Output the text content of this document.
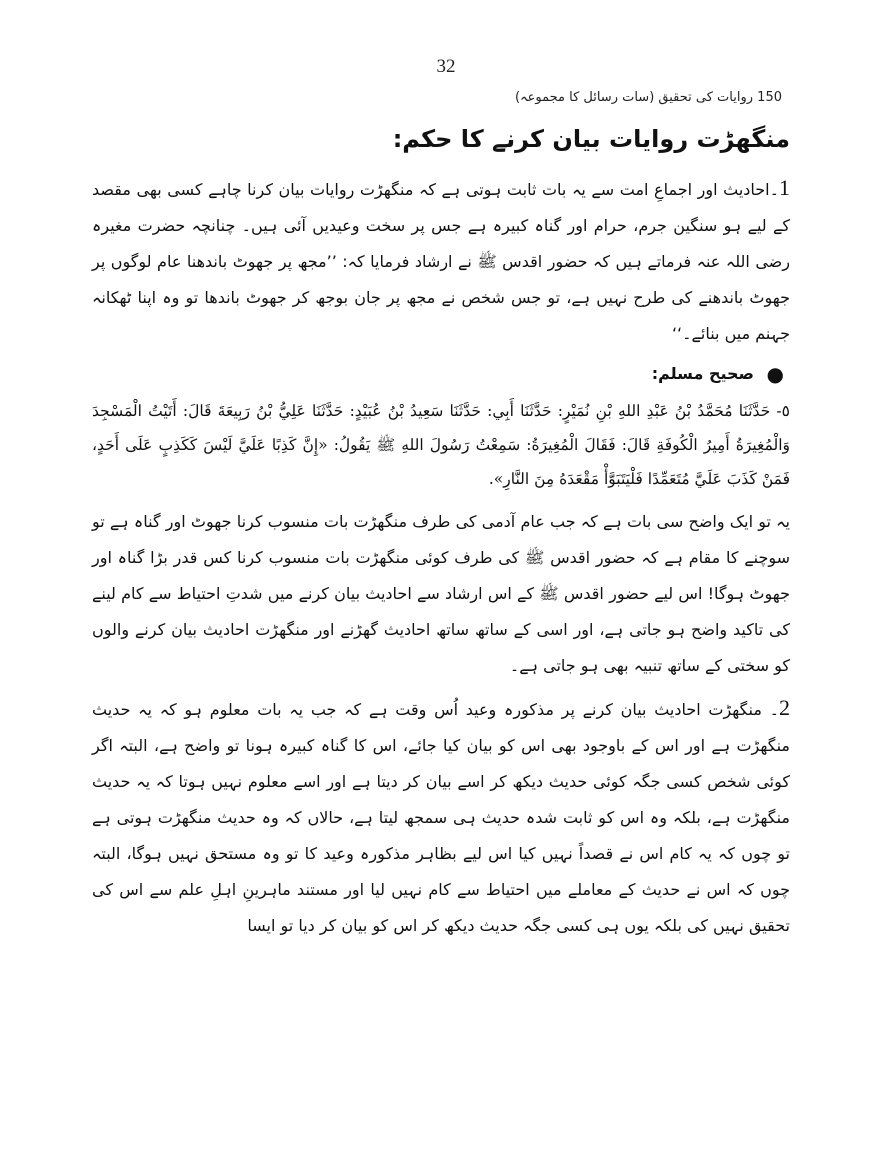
32
150 روایات کی تحقیق (سات رسائل کا مجموعہ)
منگھڑت روایات بیان کرنے کا حکم:

1۔احادیث اور اجماعِ امت سے یہ بات ثابت ہوتی ہے کہ منگھڑت روایات بیان کرنا چاہے کسی بھی مقصد کے لیے ہو سنگین جرم، حرام اور گناہ کبیرہ ہے جس پر سخت وعیدیں آئی ہیں۔ چنانچہ حضرت مغیرہ رضی اللہ عنہ فرماتے ہیں کہ حضور اقدس ﷺ نے ارشاد فرمایا کہ: ’’مجھ پر جھوٹ باندھنا عام لوگوں پر جھوٹ باندھنے کی طرح نہیں ہے، تو جس شخص نے مجھ پر جان بوجھ کر جھوٹ باندھا تو وہ اپنا ٹھکانہ جہنم میں بنائے۔‘‘

●
صحیح مسلم:

٥- حَدَّثَنَا مُحَمَّدُ بْنُ عَبْدِ اللهِ بْنِ نُمَيْرٍ: حَدَّثَنَا أَبِي: حَدَّثَنَا سَعِيدُ بْنُ عُبَيْدٍ: حَدَّثَنَا عَلِيُّ بْنُ رَبِيعَةَ قَالَ: أَتَيْتُ الْمَسْجِدَ وَالْمُغِيرَةُ أَمِيرُ الْكُوفَةِ قَالَ: فَقَالَ الْمُغِيرَةُ: سَمِعْتُ رَسُولَ اللهِ ﷺ يَقُولُ: «إِنَّ كَذِبًا عَلَيَّ لَيْسَ كَكَذِبٍ عَلَى أَحَدٍ، فَمَنْ كَذَبَ عَلَيَّ مُتَعَمِّدًا فَلْيَتَبَوَّأْ مَقْعَدَهُ مِنَ النَّارِ».

یہ تو ایک واضح سی بات ہے کہ جب عام آدمی کی طرف منگھڑت بات منسوب کرنا جھوٹ اور گناہ ہے تو سوچنے کا مقام ہے کہ حضور اقدس ﷺ کی طرف کوئی منگھڑت بات منسوب کرنا کس قدر بڑا گناہ اور جھوٹ ہوگا! اس لیے حضور اقدس ﷺ کے اس ارشاد سے احادیث بیان کرنے میں شدتِ احتیاط سے کام لینے کی تاکید واضح ہو جاتی ہے، اور اسی کے ساتھ ساتھ احادیث گھڑنے اور منگھڑت احادیث بیان کرنے والوں کو سختی کے ساتھ تنبیہ بھی ہو جاتی ہے۔

2۔ منگھڑت احادیث بیان کرنے پر مذکورہ وعید اُس وقت ہے کہ جب یہ بات معلوم ہو کہ یہ حدیث منگھڑت ہے اور اس کے باوجود بھی اس کو بیان کیا جائے، اس کا گناہ کبیرہ ہونا تو واضح ہے، البتہ اگر کوئی شخص کسی جگہ کوئی حدیث دیکھ کر اسے بیان کر دیتا ہے اور اسے معلوم نہیں ہوتا کہ یہ حدیث منگھڑت ہے، بلکہ وہ اس کو ثابت شدہ حدیث ہی سمجھ لیتا ہے، حالاں کہ وہ حدیث منگھڑت ہوتی ہے تو چوں کہ یہ کام اس نے قصداً نہیں کیا اس لیے بظاہر مذکورہ وعید کا تو وہ مستحق نہیں ہوگا، البتہ چوں کہ اس نے حدیث کے معاملے میں احتیاط سے کام نہیں لیا اور مستند ماہرینِ اہلِ علم سے اس کی تحقیق نہیں کی بلکہ یوں ہی کسی جگہ حدیث دیکھ کر اس کو بیان کر دیا تو ایسا
